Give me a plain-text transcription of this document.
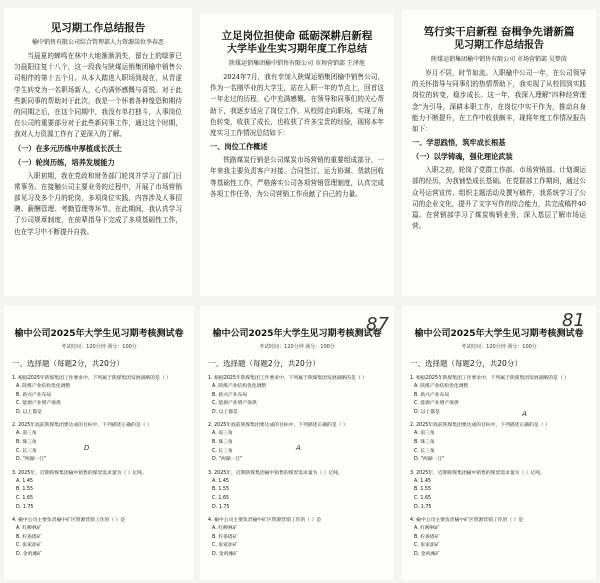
见习期工作总结报告
榆中销售有限公司综合管理部人力资源岗位李春恶

当晨夏的蝉鸣在林中大地渐渐消失，留台上的绿萝已匀晨阳往复十八个，这一段我与陕煤运销集团榆中销售公司相伴的第十五个月。从本人踏进入职场到现在，从青涩学生转变为一名职场新人，心内满怀感慨与喜悦。对于此些新同事的帮助对于此次，我是一个怀着各种惶恐和期待的同期之后，在这个同期中，我没有单打独斗，人事岗位在公司的重要部分对于此些新同事工作，通过这个时期，我对人力资源工作有了更深入的了解。

（一）在多元历练中厚植成长沃土
（一）轮岗历练，培养发展能力

入职初期，我在党政和财务部门轮岗并学习了部门日常事务。在接触公司主要业务的过程中，开展了市场营销部见习及多个月的轮岗，多项岗位实践，内容涉及人事招聘、薪酬管理、考勤管理等环节。在此期间，我认真学习了公司规章制度，在前辈指导下完成了多项基础性工作，也在学习中不断提升自我。

立足岗位担使命 砥砺深耕启新程
大学毕业生实习期年度工作总结
陕煤运销集团榆中销售有限公司 市场营销部 王泽旭

2024年7月，我有幸加入陕煤运销集团榆中销售公司，作为一名刚毕业的大学生，站在入职一年的节点上，回首这一年走过的历程，心中充满感慨。在领导和同事们的关心帮助下，我逐步适应了岗位工作，从校园走向职场，实现了角色转变，收获了成长，也收获了许多宝贵的经验，现将本年度实习工作情况总结如下：

一、岗位工作概述

铁路煤炭行销是公司煤炭市场营销的重要组成部分，一年来我主要负责客户对接、合同签订、运力协调、货款回收等基础性工作，严格落实公司各项营销管理制度，认真完成各项工作任务，为公司营销工作贡献了自己的力量。

笃行实干启新程 奋楫争先谱新篇
见习期工作总结报告
陕煤运销集团榆中销售有限公司 市场营销部 吴梦茵

岁月不居，时节如流。入职榆中公司一年，在公司领导的关怀指导与同事们的热情帮助下，我实现了从校园到实践岗位的转变，稳步成长。这一年，我深入理解"四种经营理念"为引导，深耕本职工作，在岗位中实干作为，推动自身能力不断提升，在工作中收获颇丰，现将年度工作情况报告如下：

一、学思践悟，筑牢成长根基
（一）以学铸魂，强化理论武装

入职之初，轮岗了党群工作部、市场营销部、计划调运部的经历，为我铺垫成长基础。在党群部工作期间，通过公众号运营宣传、组织主题活动及撰写稿件，我系统学习了公司的企业文化，提升了文字写作的综合能力，共完成稿件40篇。在营销部学习了煤炭购销业务，深入基层了解市场运营。

榆中公司2025年大学生见习期考核测试卷
考试时间：120分钟 满分：100分
一、选择题（每题2分，共20分）
1. 根据2025年陕煤集团工作要求中，下列属于陕煤集团发展战略的是（ ）
A. 陕煤产业结构优化调整
B. 新兴产业布局
C. 能源产业增产保供
D. 以上都是
2. 2025年底前陕煤集团要达成的目标中，下列描述正确的是（ ）
A. 南三角
B. 珠三角
C. 长三角
D. "两湖一江"
3. 2025年，近期陕煤集团榆中销售的煤炭需求量为（ ）亿吨。
A. 1.45
B. 1.55
C. 1.65
D. 1.75
4. 榆中公司主要负责榆中矿区资源营销工作的（ ）是
A. 红柳林矿
B. 柠条塔矿
C. 张家峁矿
D. 金鸡滩矿
D
榆中公司2025年大学生见习期考核测试卷
考试时间：120分钟 满分：100分
一、选择题（每题2分，共20分）
1. 根据2025年陕煤集团工作要求中，下列属于陕煤集团发展战略的是（ ）
A. 陕煤产业结构优化调整
B. 新兴产业布局
C. 能源产业增产保供
D. 以上都是
2. 2025年底前陕煤集团要达成的目标中，下列描述正确的是（ ）
A. 南三角
B. 珠三角
C. 长三角
D. "两湖一江"
3. 2025年，近期陕煤集团榆中销售的煤炭需求量为（ ）亿吨。
A. 1.45
B. 1.55
C. 1.65
D. 1.75
4. 榆中公司主要负责榆中矿区资源营销工作的（ ）是
A. 红柳林矿
B. 柠条塔矿
C. 张家峁矿
D. 金鸡滩矿
87
A
榆中公司2025年大学生见习期考核测试卷
考试时间：120分钟 满分：100分
一、选择题（每题2分，共20分）
1. 根据2025年陕煤集团工作要求中，下列属于陕煤集团发展战略的是（ ）
A. 陕煤产业结构优化调整
B. 新兴产业布局
C. 能源产业增产保供
D. 以上都是
2. 2025年底前陕煤集团要达成的目标中，下列描述正确的是（ ）
A. 南三角
B. 珠三角
C. 长三角
D. "两湖一江"
3. 2025年，近期陕煤集团榆中销售的煤炭需求量为（ ）亿吨。
A. 1.45
B. 1.55
C. 1.65
D. 1.75
4. 榆中公司主要负责榆中矿区资源营销工作的（ ）是
A. 红柳林矿
B. 柠条塔矿
C. 张家峁矿
D. 金鸡滩矿
81
A
